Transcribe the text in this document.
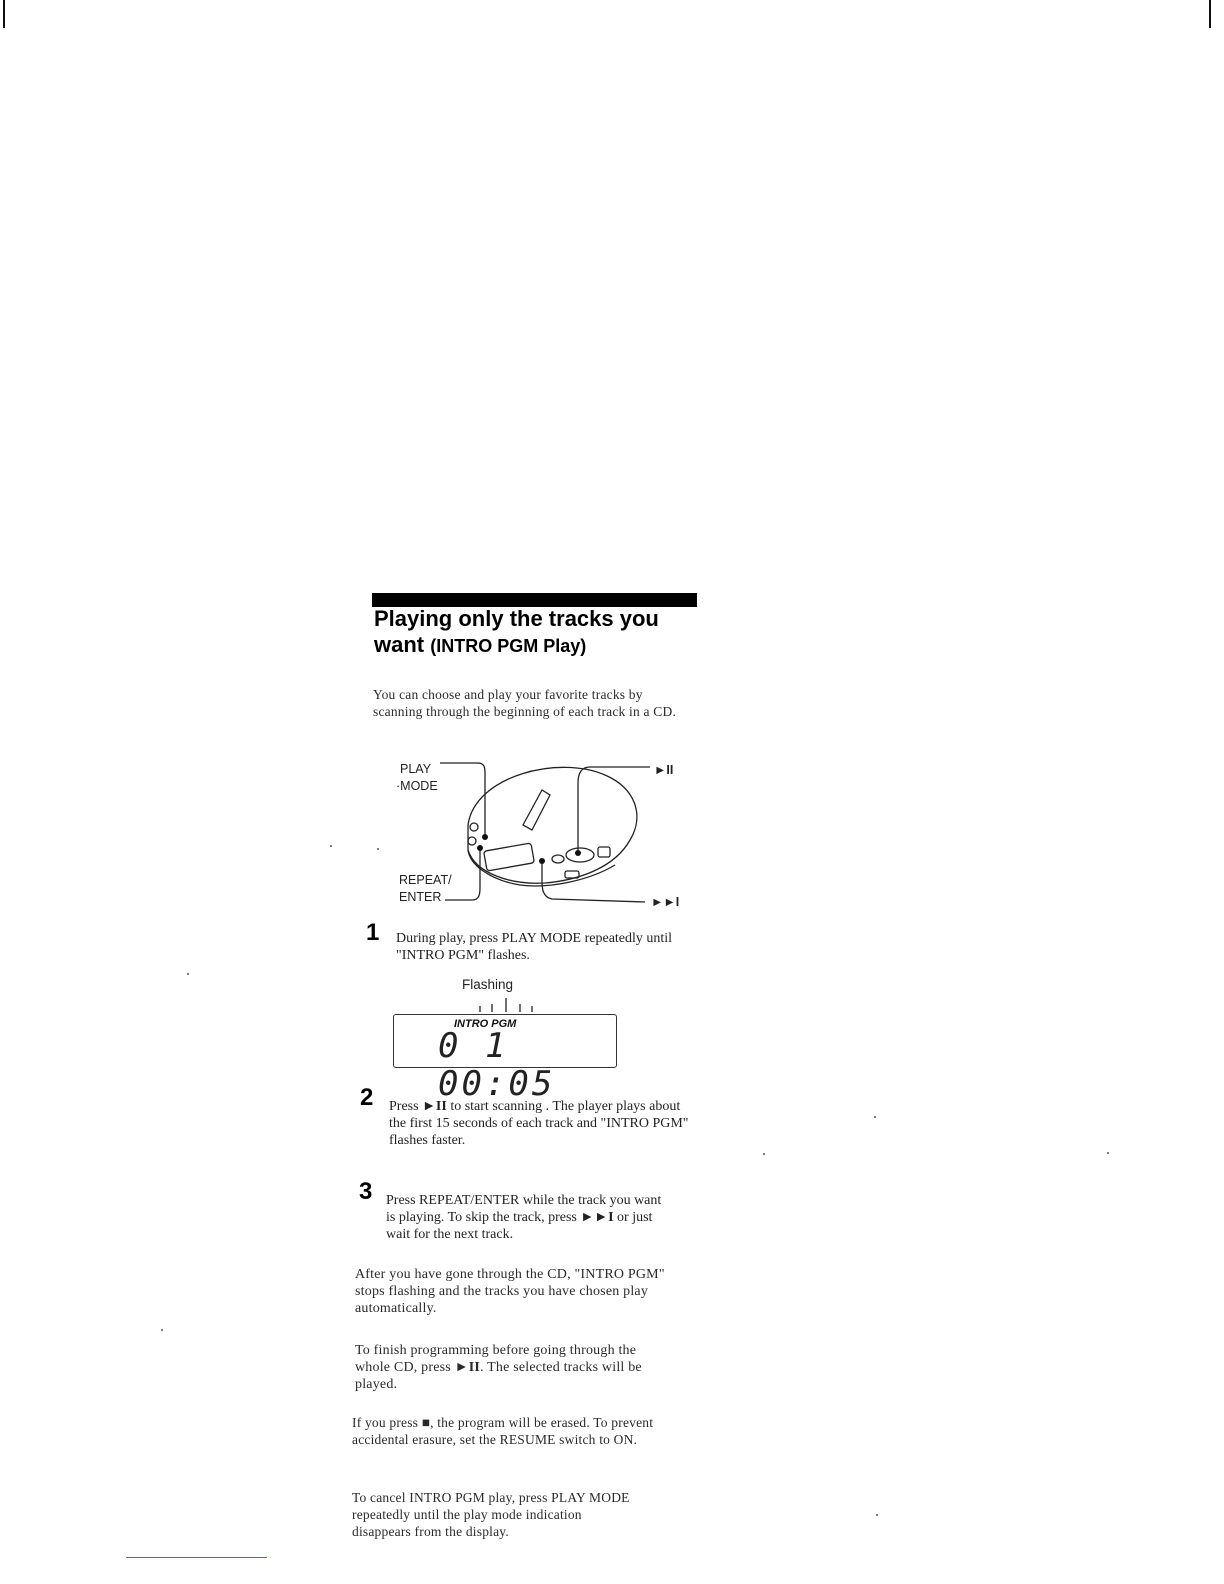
Playing only the tracks you want (INTRO PGM Play)
You can choose and play your favorite tracks by scanning through the beginning of each track in a CD.
PLAY
·MODE
REPEAT/
ENTER
►II
►►I
1 During play, press PLAY MODE repeatedly until "INTRO PGM" flashes.
Flashing
INTRO PGM
0 1 00:05
2 Press ►II to start scanning . The player plays about the first 15 seconds of each track and "INTRO PGM" flashes faster.
3 Press REPEAT/ENTER while the track you want is playing. To skip the track, press ►►I or just wait for the next track.
After you have gone through the CD, "INTRO PGM" stops flashing and the tracks you have chosen play automatically.
To finish programming before going through the whole CD, press ►II. The selected tracks will be played.
If you press ■, the program will be erased. To prevent accidental erasure, set the RESUME switch to ON.
To cancel INTRO PGM play, press PLAY MODE repeatedly until the play mode indication disappears from the display.
